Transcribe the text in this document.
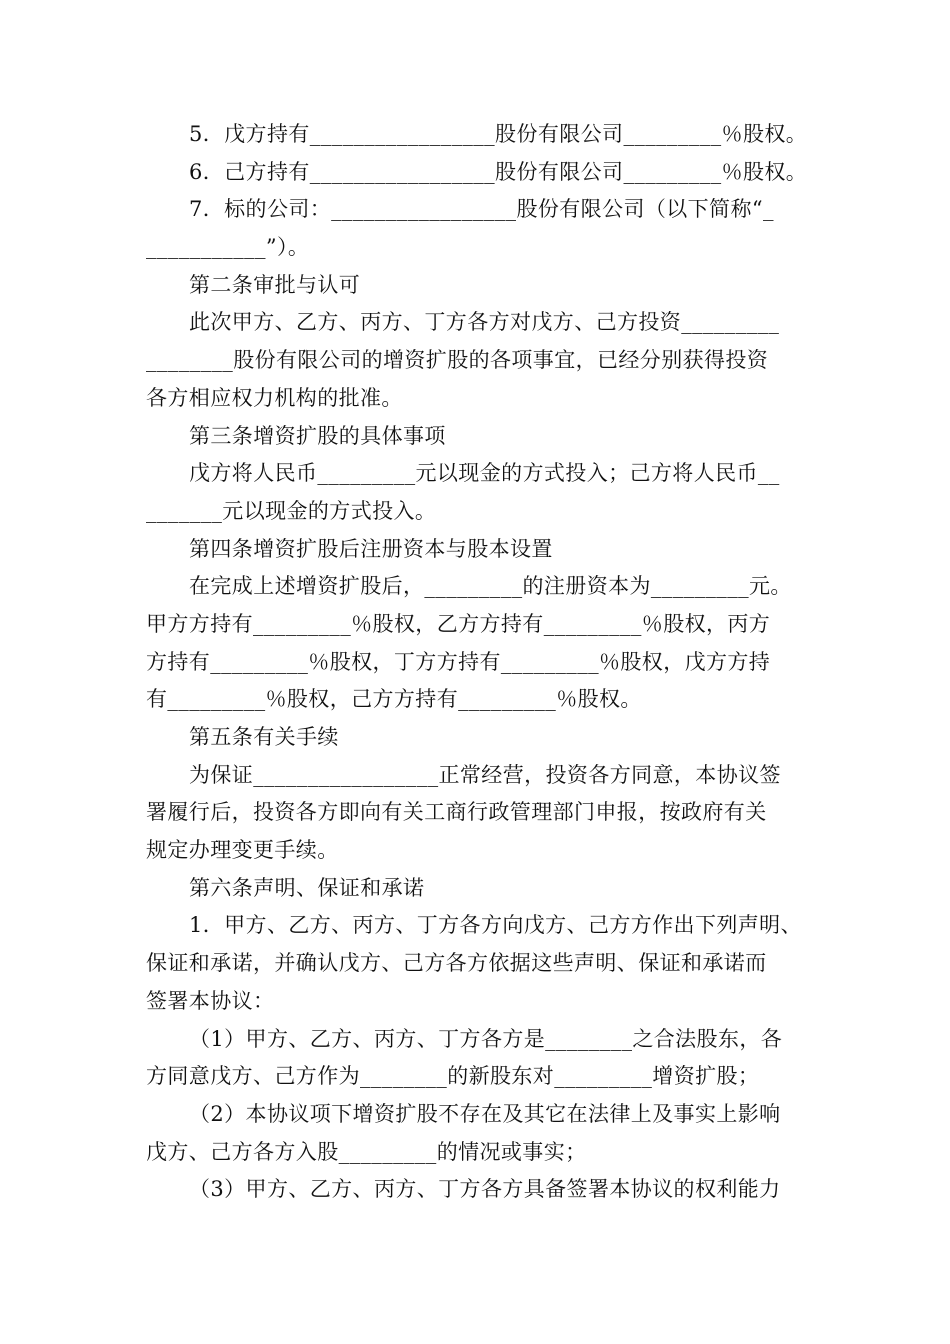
5．戊方持有_________________股份有限公司_________％股权。
6．己方持有_________________股份有限公司_________％股权。
7．标的公司：_________________股份有限公司（以下简称“_
___________”）。
第二条审批与认可
此次甲方、乙方、丙方、丁方各方对戊方、己方投资_________
________股份有限公司的增资扩股的各项事宜，已经分别获得投资
各方相应权力机构的批准。
第三条增资扩股的具体事项
戊方将人民币_________元以现金的方式投入；己方将人民币__
_______元以现金的方式投入。
第四条增资扩股后注册资本与股本设置
在完成上述增资扩股后，_________的注册资本为_________元。
甲方方持有_________％股权，乙方方持有_________％股权，丙方
方持有_________％股权，丁方方持有_________％股权，戊方方持
有_________％股权，己方方持有_________％股权。
第五条有关手续
为保证_________________正常经营，投资各方同意，本协议签
署履行后，投资各方即向有关工商行政管理部门申报，按政府有关
规定办理变更手续。
第六条声明、保证和承诺
1．甲方、乙方、丙方、丁方各方向戊方、己方方作出下列声明、
保证和承诺，并确认戊方、己方各方依据这些声明、保证和承诺而
签署本协议：
（1）甲方、乙方、丙方、丁方各方是________之合法股东，各
方同意戊方、己方作为________的新股东对_________增资扩股；
（2）本协议项下增资扩股不存在及其它在法律上及事实上影响
戊方、己方各方入股_________的情况或事实；
（3）甲方、乙方、丙方、丁方各方具备签署本协议的权利能力
